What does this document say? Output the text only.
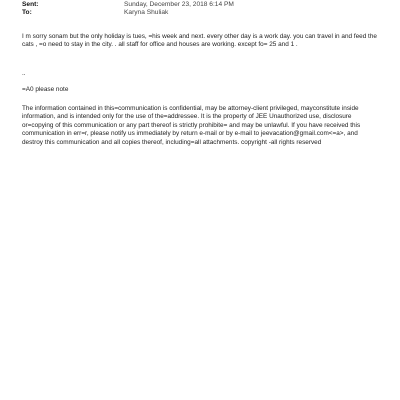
Sent:	Sunday, December 23, 2018 6:14 PM
To:	Karyna Shuliak

I m sorry sonam but the only holiday is tues, =his week and next. every other day is a work day. you can travel in and feed the cats , =o need to stay in the city. . all staff for office and houses are working. except fo= 25 and 1 .

..

=A0 please note

The information contained in this=communication is confidential, may be attorney-client privileged, mayconstitute inside information, and is intended only for the use of the=addressee. It is the property of JEE Unauthorized use, disclosure or=copying of this communication or any part thereof is strictly prohibite= and may be unlawful. If you have received this communication in err=r, please notify us immediately by return e-mail or by e-mail to jeevacation@gmail.com<=a>, and destroy this communication and all copies thereof, including=all attachments. copyright -all rights reserved
